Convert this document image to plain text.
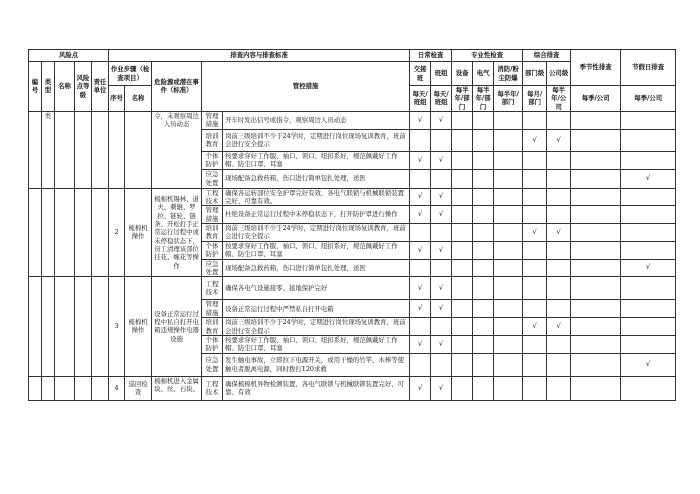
风险点					排查内容与排查标准					日常检查		专业性检查			综合排查		季节性排查	节假日排查
编号	类型	名称	风险点等级	责任单位	作业步骤（检查项目）		危险源或潜在事件（标准）	管控措施		交接班	班组	设备	电气	消防/粉尘防爆	部门级	公司级		
					序号	名称				每天/班组	每天/班组	每半年/部门	每半年/部门	每半年/部门	每月/部门	每半年/公司	每季/公司	每季/公司

	类						令，未观察周边人员动态	管理措施	开车时发出信号或指令，观察周边人员动态	√	√							
								培训教育	岗前三级培训不少于24学时，定期进行岗位现场复训教育，班前会进行安全提示						√	√		
								个体防护	按要求穿好工作服，袖口、领口、纽扣系好，规范佩戴好工作帽、防尘口罩、耳塞	√	√							
								应急处置	现场配备急救药箱，伤口进行简单包扎处理，送医									√
					2	梳棉机操作	梳棉机锡林、道夫、刺辊、罗拉、链轮、链条、开松打手正常运行过程中或未停稳状态下，员工清理该部位挂花、缠花等操作	工程技术	确保各运转部位安全护罩完好有效，各电气联锁与机械联锁装置完好、可靠有效。	√	√							
								管理措施	杜绝设备正常运行过程中未停稳状态下，打开防护罩进行操作	√	√							
								培训教育	岗前三级培训不少于24学时，定期进行岗位现场复训教育，班前会进行安全提示						√	√		
								个体防护	按要求穿好工作服，袖口、领口、纽扣系好，规范佩戴好工作帽、防尘口罩、耳塞	√	√							
								应急处置	现场配备急救药箱，伤口进行简单包扎处理，送医									√
					3	梳棉机操作	设备正常运行过程中私自打开电箱违规操作电器设施	工程技术	确保各电气设施接零、接地保护完好	√	√							
								管理措施	设备正常运行过程中严禁私自打开电箱	√	√							
								培训教育	岗前三级培训不少于24学时，定期进行岗位现场复训教育，班前会进行安全提示						√	√		
								个体防护	按要求穿好工作服，袖口、领口、纽扣系好，规范佩戴好工作帽、防尘口罩、耳塞	√	√							
								应急处置	发生触电事故，立即拉下电源开关，或用干燥的竹竿、木棒等使触电者脱离电源，同时拨打120求救									√
					4	巡回检查	梳棉机进入金属块、丝、石块、	工程技术	确保梳棉机异物检测装置、各电气联锁与机械联锁装置完好、可靠、有效	√	√							
